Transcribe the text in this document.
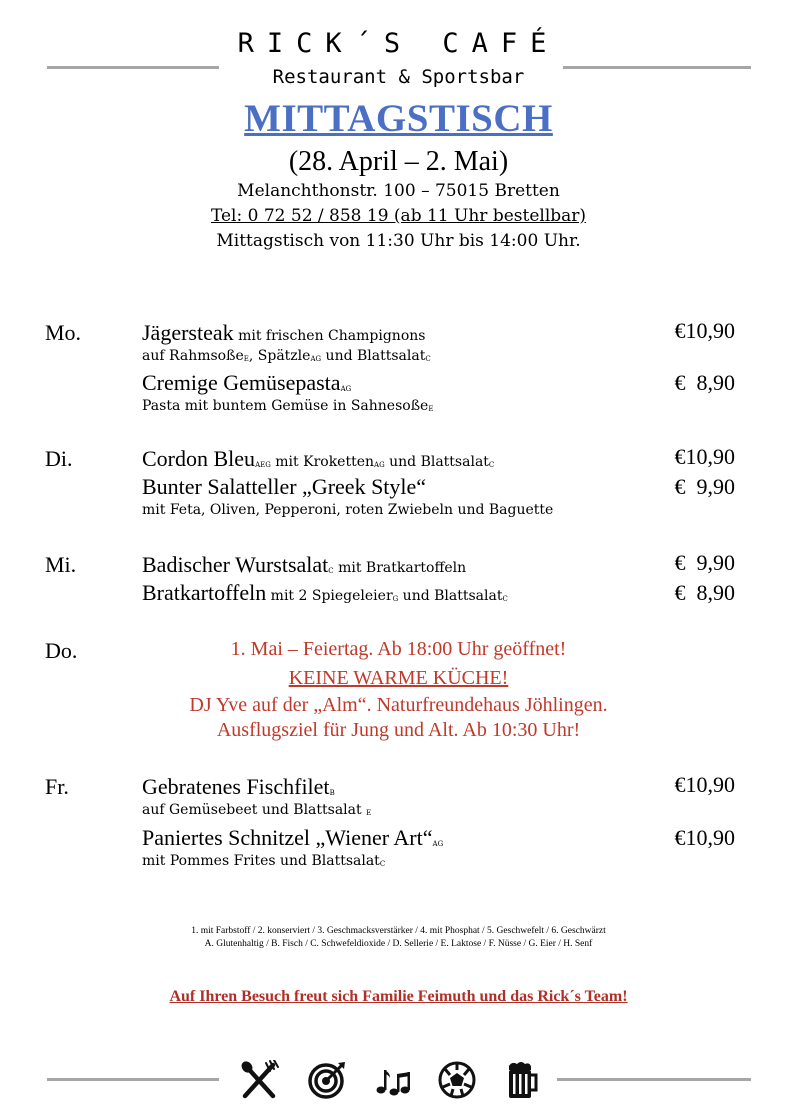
RICK´S CAFÉ
Restaurant & Sportsbar
MITTAGSTISCH
(28. April – 2. Mai)
Melanchthonstr. 100 – 75015 Bretten
Tel: 0 72 52 / 858 19 (ab 11 Uhr bestellbar)
Mittagstisch von 11:30 Uhr bis 14:00 Uhr.
Mo.	Jägersteak mit frischen Champignons	€10,90
auf Rahmsoße$_E$, Spätzle$_{AG}$ und Blattsalat$_C$
Cremige Gemüsepasta$_{AG}$	€  8,90
Pasta mit buntem Gemüse in Sahnesoße$_E$
Di.	Cordon Bleu$_{AEG}$ mit Kroketten$_{AG}$ und Blattsalat$_C$	€10,90
Bunter Salatteller „Greek Style“	€  9,90
mit Feta, Oliven, Pepperoni, roten Zwiebeln und Baguette
Mi.	Badischer Wurstsalat$_C$ mit Bratkartoffeln	€  9,90
Bratkartoffeln mit 2 Spiegeleier$_G$ und Blattsalat$_C$	€  8,90
Do.	1. Mai – Feiertag. Ab 18:00 Uhr geöffnet!
KEINE WARME KÜCHE!
DJ Yve auf der „Alm“. Naturfreundehaus Jöhlingen.
Ausflugsziel für Jung und Alt. Ab 10:30 Uhr!
Fr.	Gebratenes Fischfilet$_B$	€10,90
auf Gemüsebeet und Blattsalat $_E$
Paniertes Schnitzel „Wiener $Art“_{AG}$	€10,90
mit Pommes Frites und Blattsalat$_C$
1. mit Farbstoff / 2. konserviert / 3. Geschmacksverstärker / 4. mit Phosphat / 5. Geschwefelt / 6. Geschwärzt
A. Glutenhaltig / B. Fisch / C. Schwefeldioxide / D. Sellerie / E. Laktose / F. Nüsse / G. Eier / H. Senf
Auf Ihren Besuch freut sich Familie Feimuth und das Rick´s Team!
